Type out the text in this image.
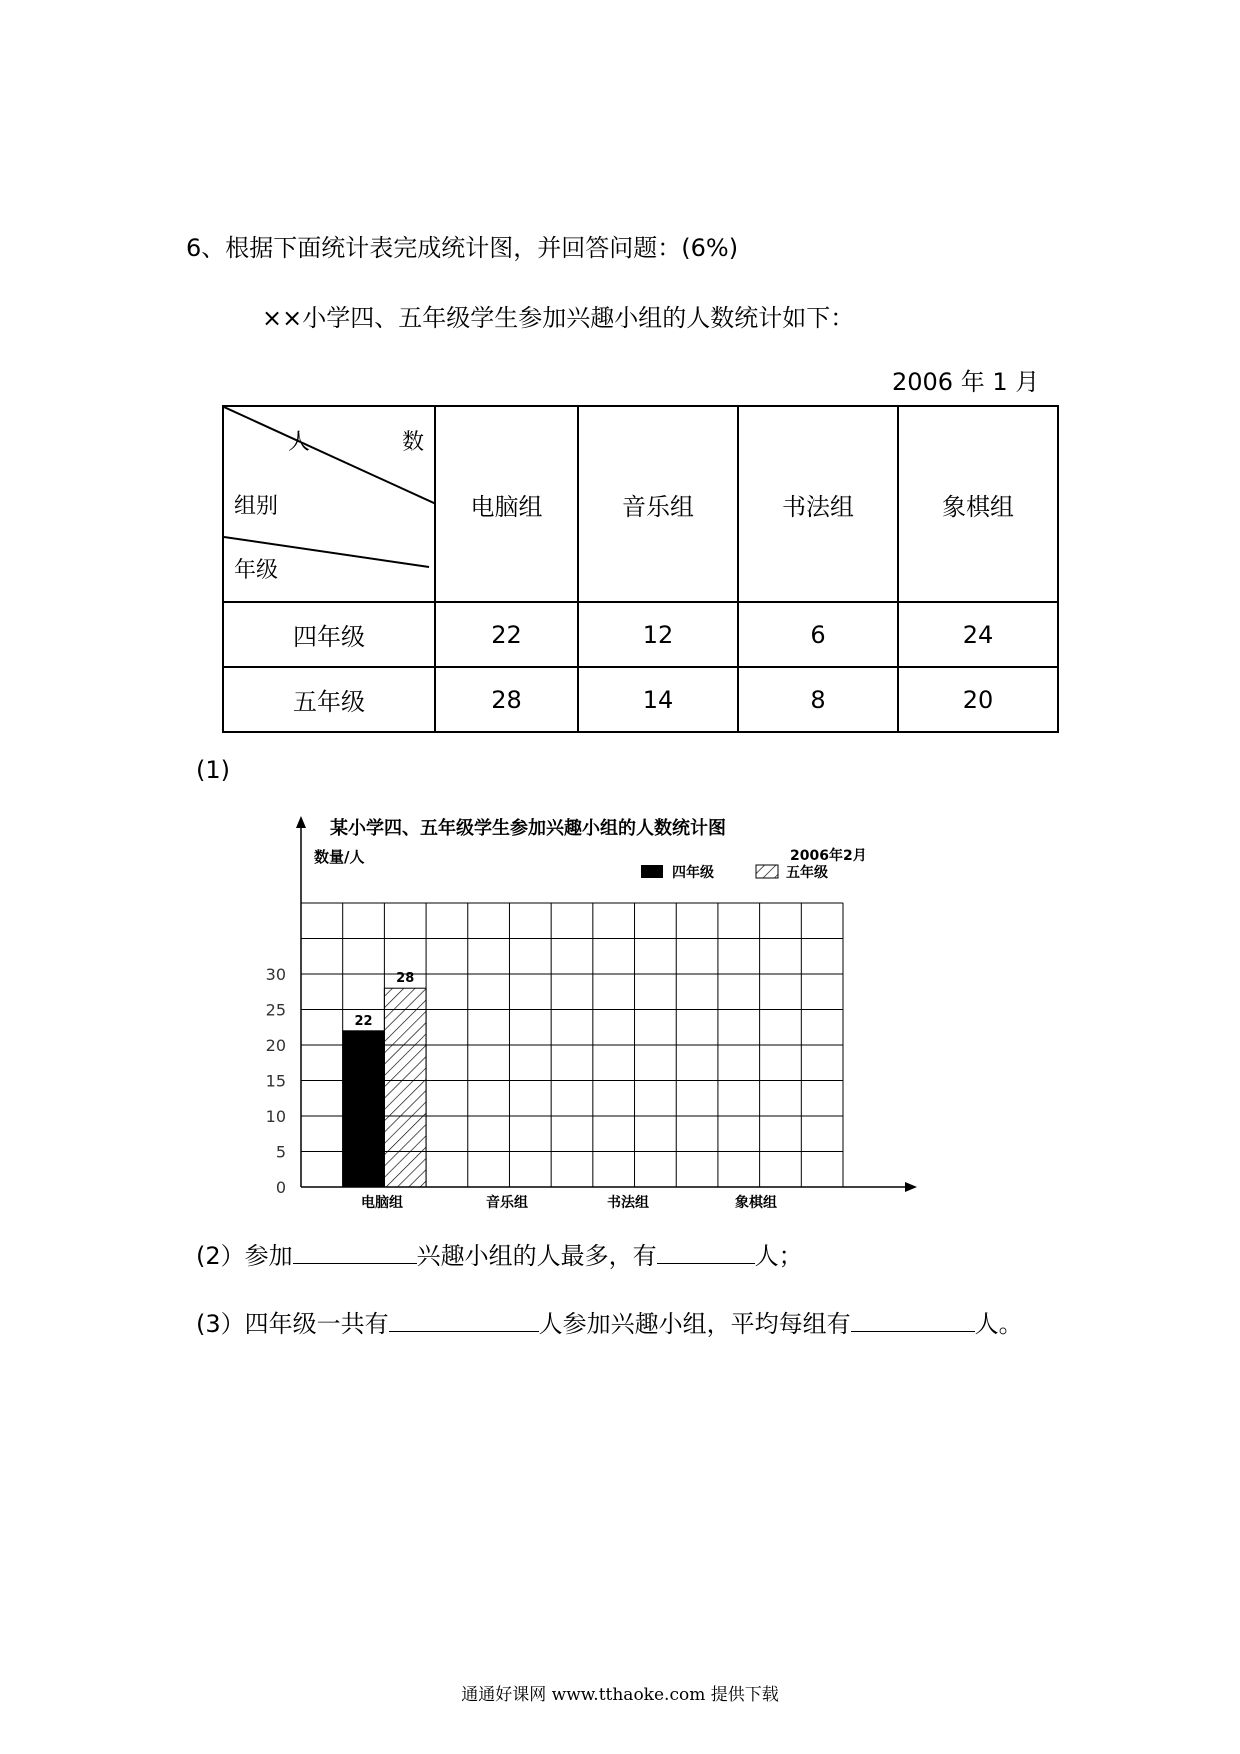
6、根据下面统计表完成统计图，并回答问题：(6%)
××小学四、五年级学生参加兴趣小组的人数统计如下：
2006 年 1 月
人 数
组别
年级	电脑组	音乐组	书法组	象棋组
四年级	22	12	6	24
五年级	28	14	8	20
(1)
0
5
10
15
20
25
30
电脑组	音乐组	书法组	象棋组
22
28
某小学四、五年级学生参加兴趣小组的人数统计图
数量/人	2006年2月
四年级	五年级
(2）参加	兴趣小组的人最多，有	人；
(3）四年级一共有	人参加兴趣小组，平均每组有	人。
通通好课网 www.tthaoke.com 提供下载
